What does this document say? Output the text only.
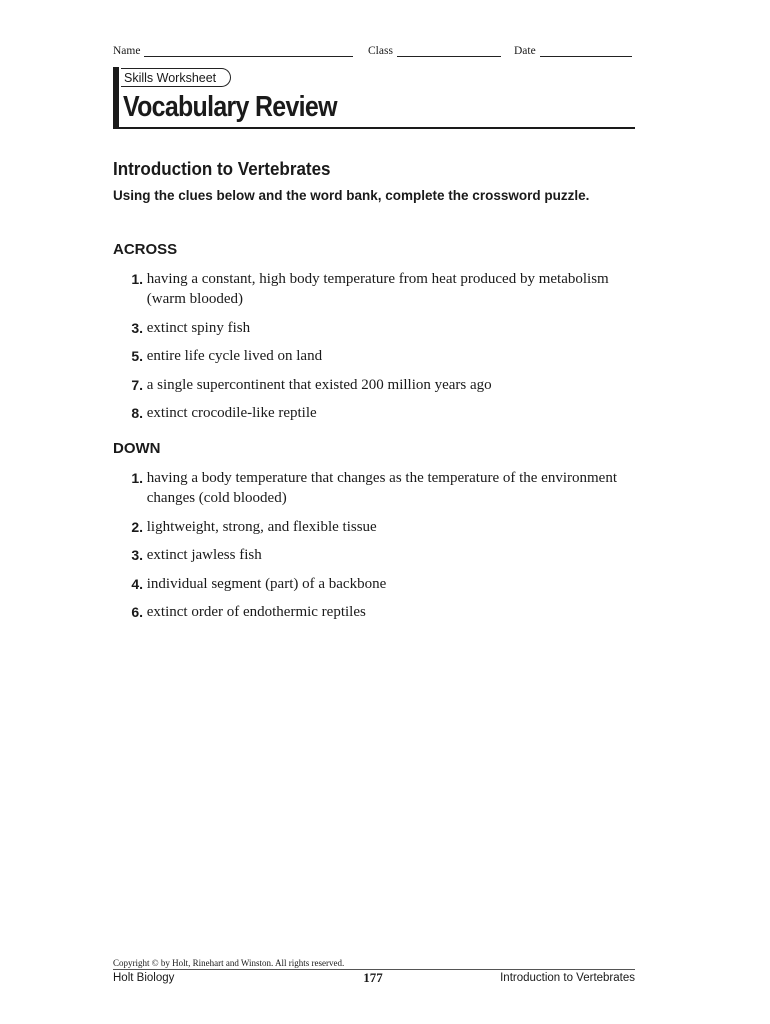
Name	Class	Date
Skills Worksheet
Vocabulary Review
Introduction to Vertebrates
Using the clues below and the word bank, complete the crossword puzzle.
ACROSS
1.
having a constant, high body temperature from heat produced by metabolism (warm blooded)
3.
extinct spiny fish
5.
entire life cycle lived on land
7.
a single supercontinent that existed 200 million years ago
8.
extinct crocodile-like reptile
DOWN
1.
having a body temperature that changes as the temperature of the environment changes (cold blooded)
2.
lightweight, strong, and flexible tissue
3.
extinct jawless fish
4.
individual segment (part) of a backbone
6.
extinct order of endothermic reptiles
Copyright © by Holt, Rinehart and Winston. All rights reserved.
Holt Biology	177	Introduction to Vertebrates
